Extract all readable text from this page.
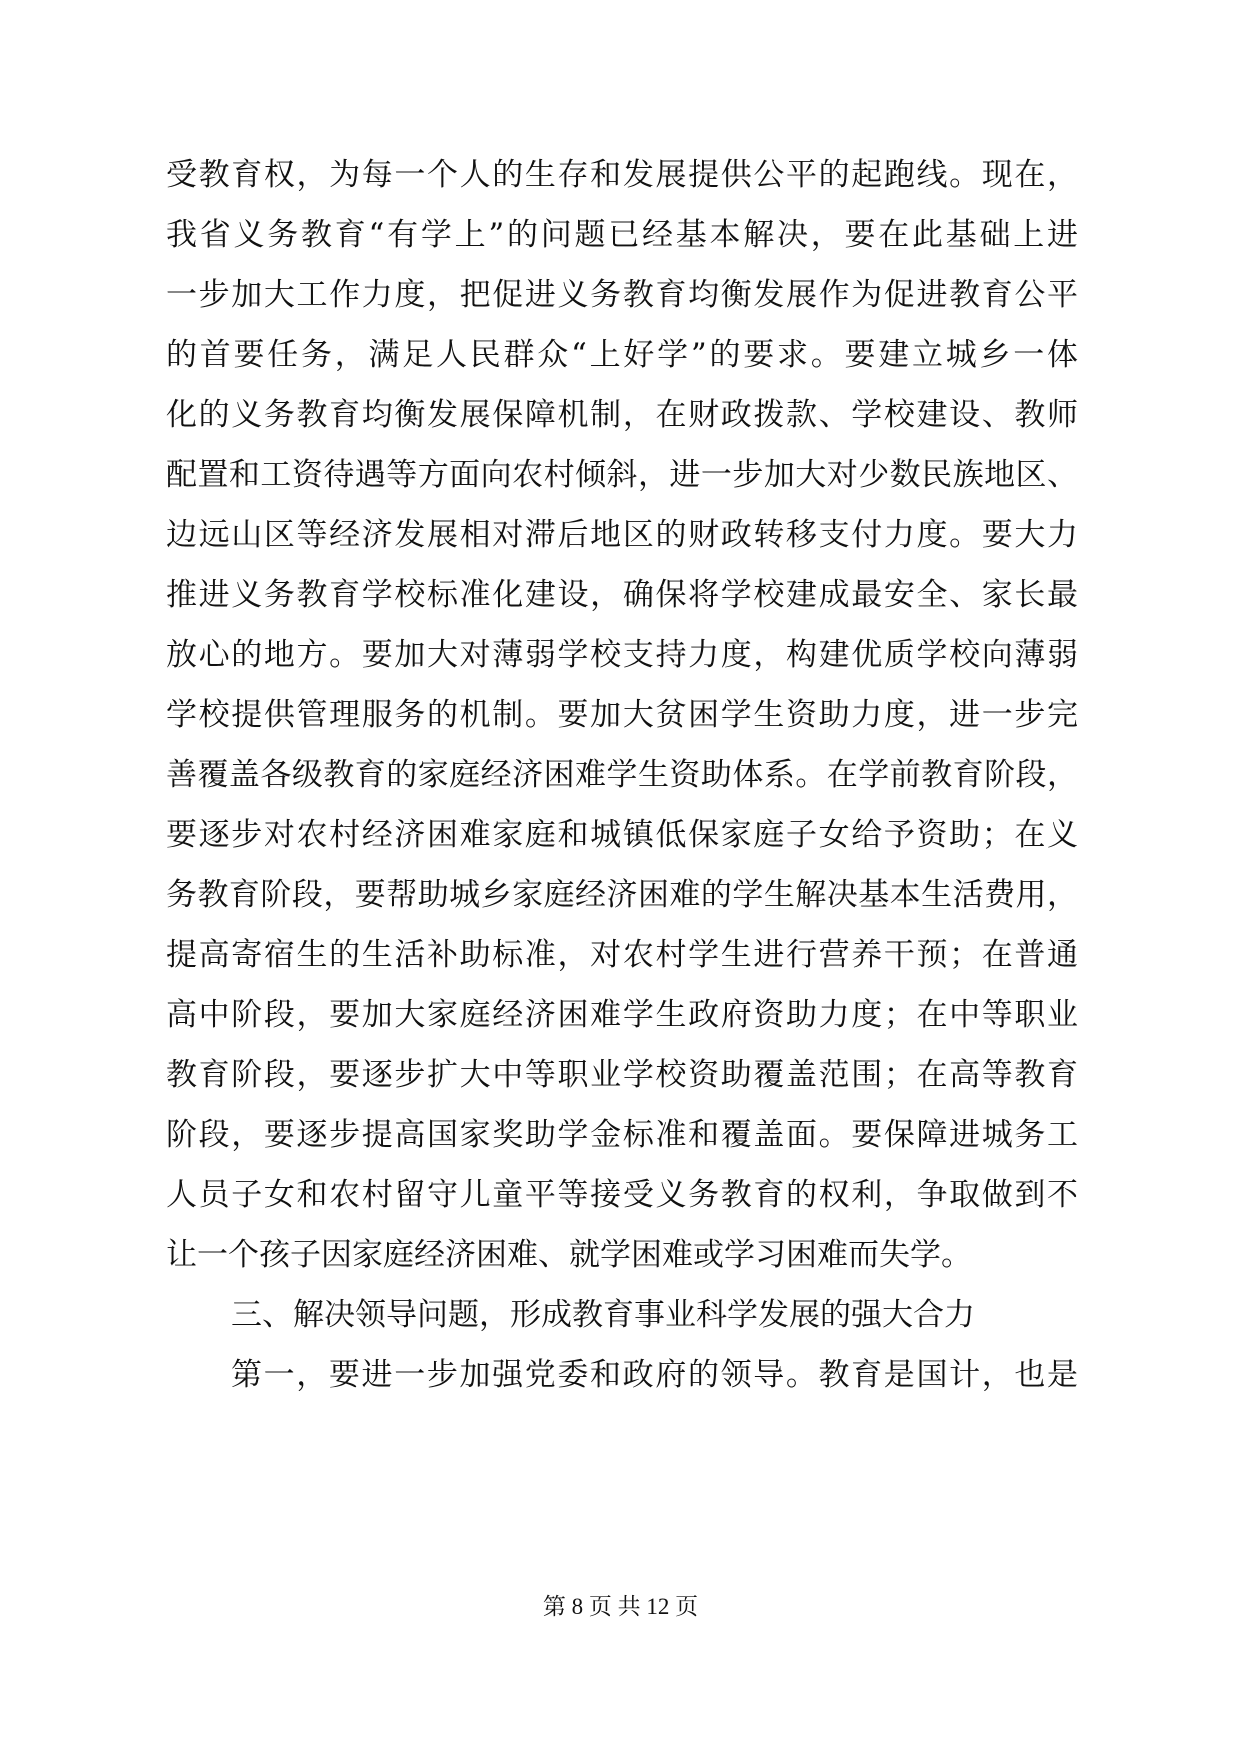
受教育权，为每一个人的生存和发展提供公平的起跑线。现在，
我省义务教育“有学上”的问题已经基本解决，要在此基础上进
一步加大工作力度，把促进义务教育均衡发展作为促进教育公平
的首要任务，满足人民群众“上好学”的要求。要建立城乡一体
化的义务教育均衡发展保障机制，在财政拨款、学校建设、教师
配置和工资待遇等方面向农村倾斜，进一步加大对少数民族地区、
边远山区等经济发展相对滞后地区的财政转移支付力度。要大力
推进义务教育学校标准化建设，确保将学校建成最安全、家长最
放心的地方。要加大对薄弱学校支持力度，构建优质学校向薄弱
学校提供管理服务的机制。要加大贫困学生资助力度，进一步完
善覆盖各级教育的家庭经济困难学生资助体系。在学前教育阶段，
要逐步对农村经济困难家庭和城镇低保家庭子女给予资助；在义
务教育阶段，要帮助城乡家庭经济困难的学生解决基本生活费用，
提高寄宿生的生活补助标准，对农村学生进行营养干预；在普通
高中阶段，要加大家庭经济困难学生政府资助力度；在中等职业
教育阶段，要逐步扩大中等职业学校资助覆盖范围；在高等教育
阶段，要逐步提高国家奖助学金标准和覆盖面。要保障进城务工
人员子女和农村留守儿童平等接受义务教育的权利，争取做到不
让一个孩子因家庭经济困难、就学困难或学习困难而失学。
三、解决领导问题，形成教育事业科学发展的强大合力
第一，要进一步加强党委和政府的领导。教育是国计，也是
第 8 页 共 12 页
